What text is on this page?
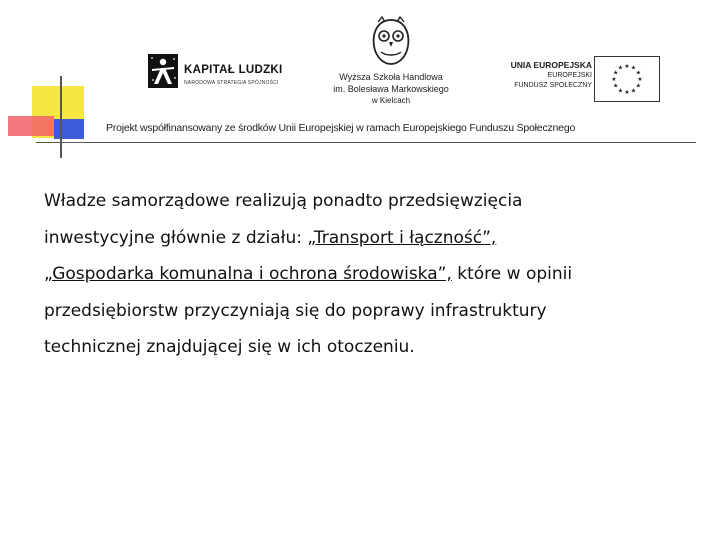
KAPITAŁ LUDZKI
NARODOWA STRATEGIA SPÓJNOŚCI
Wyższa Szkoła Handlowa
im. Bolesława Markowskiego
w Kielcach
UNIA EUROPEJSKA
EUROPEJSKI
FUNDUSZ SPOŁECZNY
★ ★
★
★
★
★
★
★
★
★
★
★
Projekt współfinansowany ze środków Unii Europejskiej w ramach Europejskiego Funduszu Społecznego
Władze samorządowe realizują ponadto przedsięwzięcia
inwestycyjne głównie z działu: „Transport i łączność”,
„Gospodarka komunalna i ochrona środowiska”, które w opinii
przedsiębiorstw przyczyniają się do poprawy infrastruktury
technicznej znajdującej się w ich otoczeniu.
